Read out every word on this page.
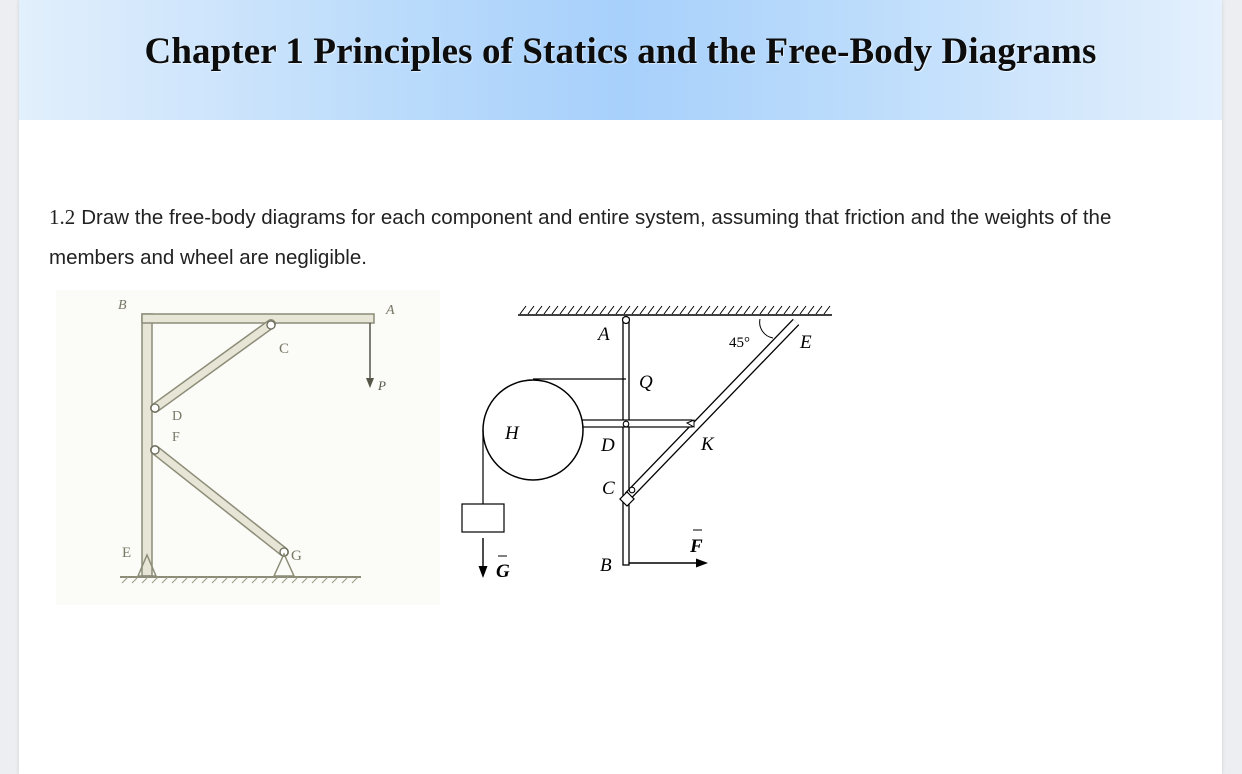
Chapter 1 Principles of Statics and the Free-Body Diagrams
1.2 Draw the free-body diagrams for each component and entire system, assuming that friction and the weights of the members and wheel are negligible.
B	A
C
P
D
F
E	G
A
Q
45°	E
H
D	K
C
B
F
G
